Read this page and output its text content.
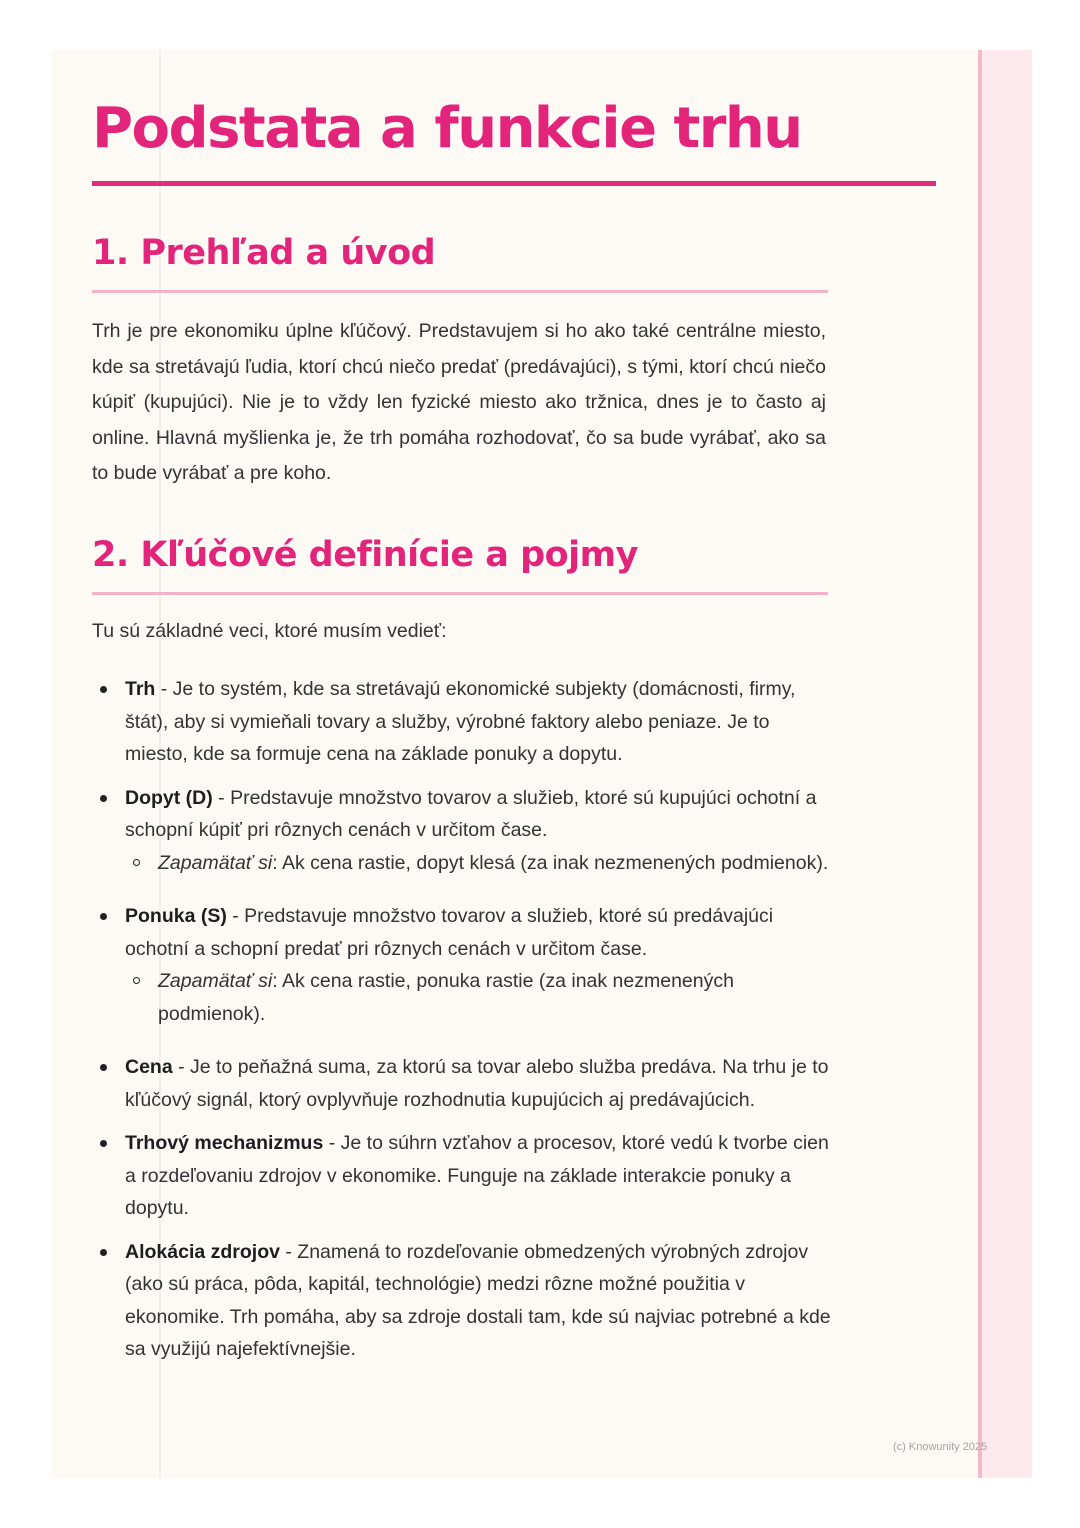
Podstata a funkcie trhu
1. Prehľad a úvod

Trh je pre ekonomiku úplne kľúčový. Predstavujem si ho ako také centrálne miesto, kde sa stretávajú ľudia, ktorí chcú niečo predať (predávajúci), s tými, ktorí chcú niečo kúpiť (kupujúci). Nie je to vždy len fyzické miesto ako tržnica, dnes je to často aj online. Hlavná myšlienka je, že trh pomáha rozhodovať, čo sa bude vyrábať, ako sa to bude vyrábať a pre koho.

2. Kľúčové definície a pojmy

Tu sú základné veci, ktoré musím vedieť:

Trh - Je to systém, kde sa stretávajú ekonomické subjekty (domácnosti, firmy, štát), aby si vymieňali tovary a služby, výrobné faktory alebo peniaze. Je to miesto, kde sa formuje cena na základe ponuky a dopytu.
Dopyt (D) - Predstavuje množstvo tovarov a služieb, ktoré sú kupujúci ochotní a schopní kúpiť pri rôznych cenách v určitom čase.
Zapamätať si: Ak cena rastie, dopyt klesá (za inak nezmenených podmienok).
Ponuka (S) - Predstavuje množstvo tovarov a služieb, ktoré sú predávajúci ochotní a schopní predať pri rôznych cenách v určitom čase.
Zapamätať si: Ak cena rastie, ponuka rastie (za inak nezmenených podmienok).
Cena - Je to peňažná suma, za ktorú sa tovar alebo služba predáva. Na trhu je to kľúčový signál, ktorý ovplyvňuje rozhodnutia kupujúcich aj predávajúcich.
Trhový mechanizmus - Je to súhrn vzťahov a procesov, ktoré vedú k tvorbe cien a rozdeľovaniu zdrojov v ekonomike. Funguje na základe interakcie ponuky a dopytu.
Alokácia zdrojov - Znamená to rozdeľovanie obmedzených výrobných zdrojov (ako sú práca, pôda, kapitál, technológie) medzi rôzne možné použitia v ekonomike. Trh pomáha, aby sa zdroje dostali tam, kde sú najviac potrebné a kde sa využijú najefektívnejšie.
(c) Knowunity 2025
